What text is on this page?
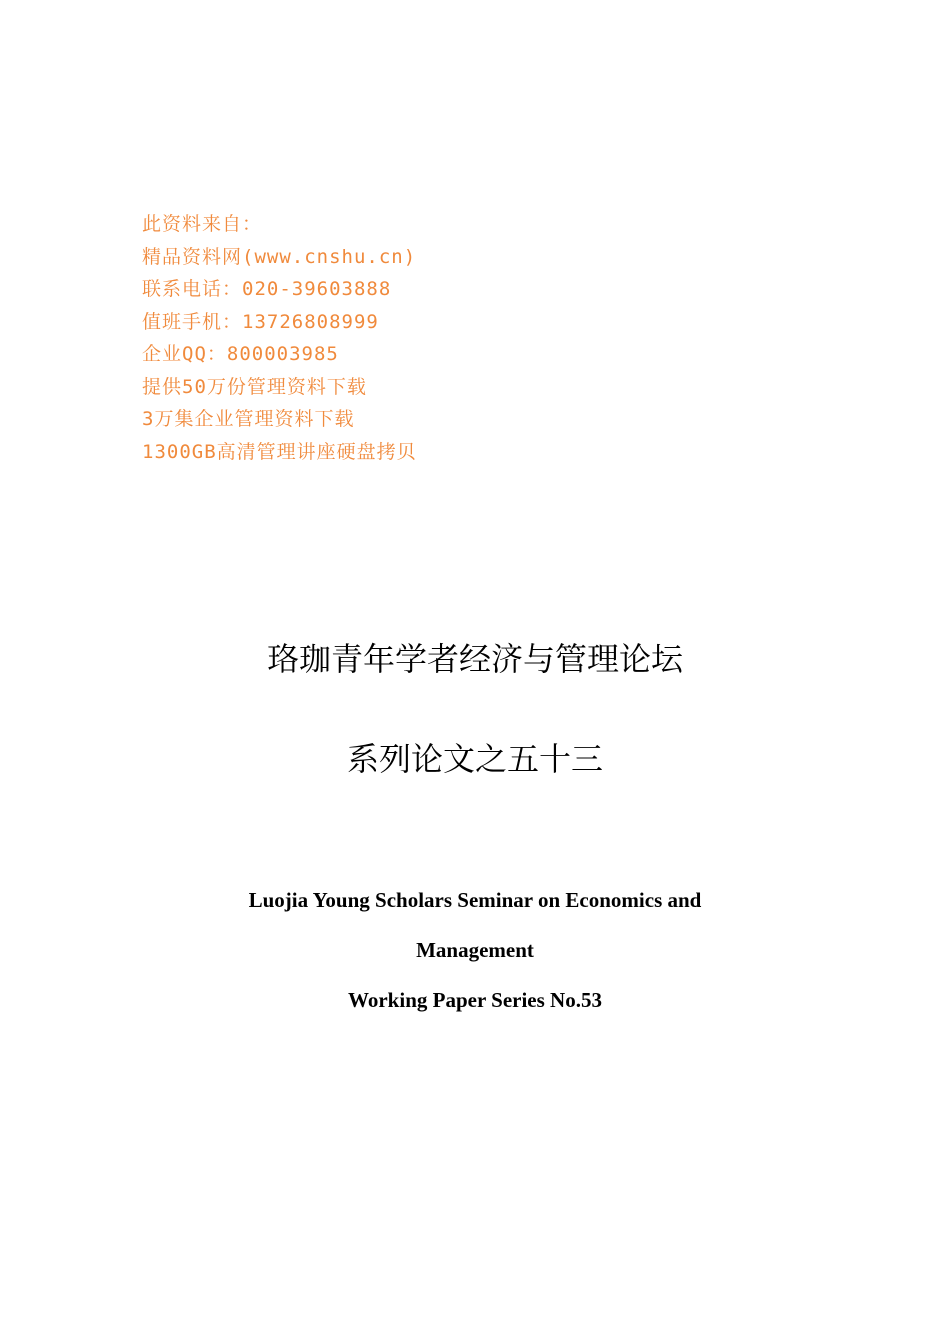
此资料来自：
精品资料网(www.cnshu.cn)
联系电话：020-39603888
值班手机：13726808999
企业QQ：800003985
提供50万份管理资料下载
3万集企业管理资料下载
1300GB高清管理讲座硬盘拷贝
珞珈青年学者经济与管理论坛
系列论文之五十三
Luojia Young Scholars Seminar on Economics and
Management
Working Paper Series No.53
